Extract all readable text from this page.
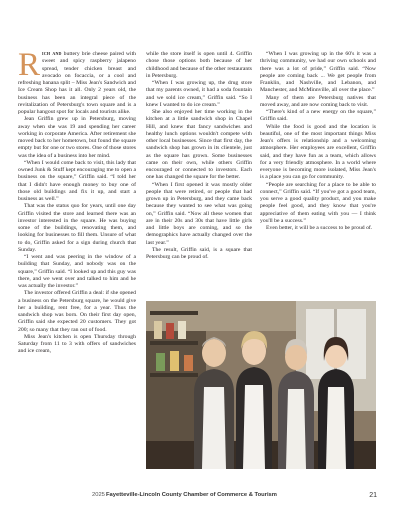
Rich and buttery brie cheese paired with sweet and spicy raspberry jalapeno spread, tender chicken breast and avocado on focaccia, or a cool and refreshing banana split – Miss Jean's Sandwich and Ice Cream Shop has it all. Only 2 years old, the business has been an integral piece of the revitalization of Petersburg's town square and is a popular hangout spot for locals and tourists alike.

Jean Griffin grew up in Petersburg, moving away when she was 19 and spending her career working in corporate America. After retirement she moved back to her hometown, but found the square empty but for one or two stores. One of those stores was the idea of a business into her mind.

“When I would come back to visit, this lady that owned Junk & Stuff kept encouraging me to open a business on the square,” Griffin said. “I told her that I didn't have enough money to buy one of those old buildings and fix it up, and start a business as well.”

That was the status quo for years, until one day Griffin visited the store and learned there was an investor interested in the square. He was buying some of the buildings, renovating them, and looking for businesses to fill them. Unsure of what to do, Griffin asked for a sign during church that Sunday.

“I went and was peering in the window of a building that Sunday, and nobody was on the square,” Griffin said. “I looked up and this guy was there, and we went over and talked to him and he was actually the investor.”

The investor offered Griffin a deal: if she opened a business on the Petersburg square, he would give her a building, rent free, for a year. Thus the sandwich shop was born. On their first day open, Griffin said she expected 20 customers. They got 200; so many that they ran out of food.

Miss Jean's kitchen is open Thursday through Saturday from 11 to 3 with offers of sandwiches and ice cream,

while the store itself is open until 4. Griffin chose those options both because of her childhood and because of the other restaurants in Petersburg.

“When I was growing up, the drug store that my parents owned, it had a soda fountain and we sold ice cream,” Griffin said. “So I knew I wanted to do ice cream.”

She also enjoyed her time working in the kitchen at a little sandwich shop in Chapel Hill, and knew that fancy sandwiches and healthy lunch options wouldn't compete with other local businesses. Since that first day, the sandwich shop has grown in its clientele, just as the square has grown. Some businesses came on their own, while others Griffin encouraged or connected to investors. Each one has changed the square for the better.

“When I first opened it was mostly older people that were retired, or people that had grown up in Petersburg, and they came back because they wanted to see what was going on,” Griffin said. “Now all these women that are in their 20s and 30s that have little girls and little boys are coming, and so the demographics have actually changed over the last year.”

The result, Griffin said, is a square that Petersburg can be proud of.

“When I was growing up in the 60's it was a thriving community, we had our own schools and there was a lot of pride,” Griffin said. “Now people are coming back ... We get people from Franklin, and Nashville, and Lebanon, and Manchester, and McMinnville, all over the place.”

Many of them are Petersburg natives that moved away, and are now coming back to visit.

“There's kind of a new energy on the square,” Griffin said.

While the food is good and the location is beautiful, one of the most important things Miss Jean's offers is relationship and a welcoming atmosphere. Her employees are excellent, Griffin said, and they have fun as a team, which allows for a very friendly atmosphere. In a world where everyone is becoming more isolated, Miss Jean's is a place you can go for community.

“People are searching for a place to be able to connect,” Griffin said. “If you've got a good team, you serve a good quality product, and you make people feel good, and they know that you're appreciative of them eating with you — I think you'll be a success.”

Even better, it will be a success to be proud of.

2025 Fayetteville-Lincoln County Chamber of Commerce & Tourism	21
